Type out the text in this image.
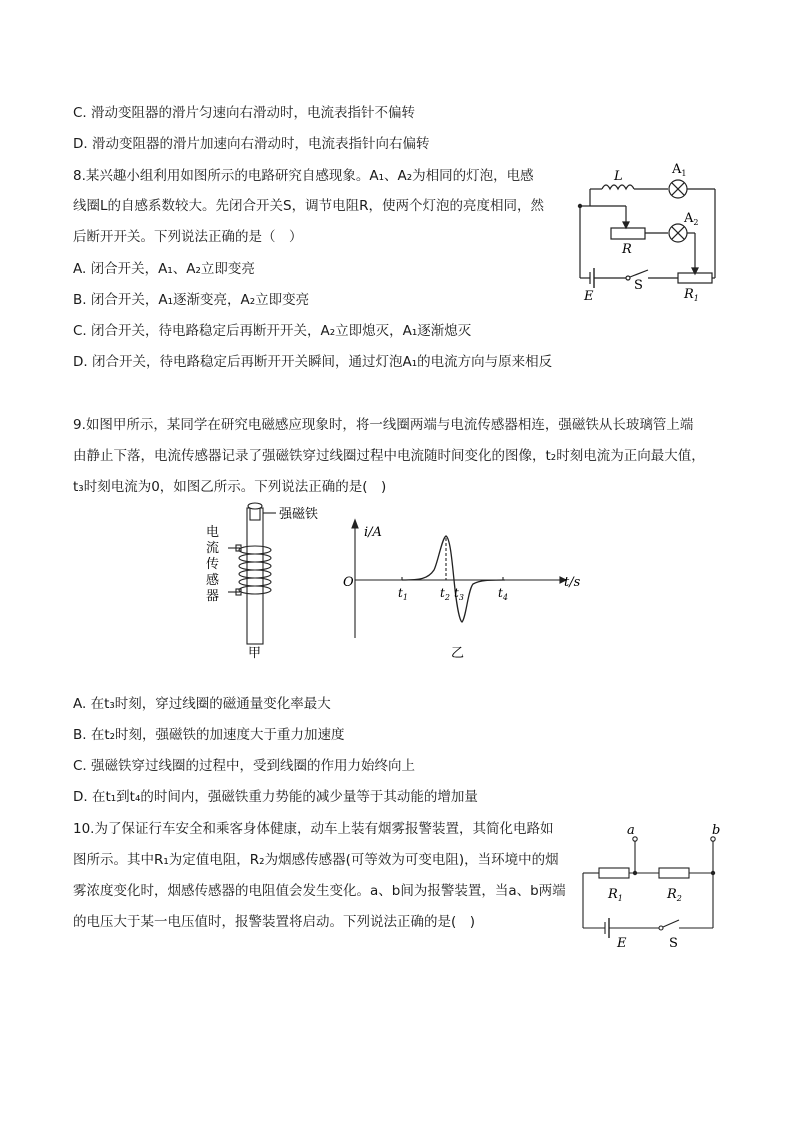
C. 滑动变阻器的滑片匀速向右滑动时，电流表指针不偏转
D. 滑动变阻器的滑片加速向右滑动时，电流表指针向右偏转
8.某兴趣小组利用如图所示的电路研究自感现象。A₁、A₂为相同的灯泡，电感
线圈L的自感系数较大。先闭合开关S，调节电阻R，使两个灯泡的亮度相同，然
后断开开关。下列说法正确的是（　）
A. 闭合开关，A₁、A₂立即变亮
B. 闭合开关，A₁逐渐变亮，A₂立即变亮
C. 闭合开关，待电路稳定后再断开开关，A₂立即熄灭，A₁逐渐熄灭
D. 闭合开关，待电路稳定后再断开开关瞬间，通过灯泡A₁的电流方向与原来相反
L	$A_1$
$A_2$
R
E
S
$R_1$
9.如图甲所示，某同学在研究电磁感应现象时，将一线圈两端与电流传感器相连，强磁铁从长玻璃管上端
由静止下落，电流传感器记录了强磁铁穿过线圈过程中电流随时间变化的图像，t₂时刻电流为正向最大值，
t₃时刻电流为0，如图乙所示。下列说法正确的是(　)
强磁铁
电
流
传
感
器
甲
i/A
t/s
O
$t_1$	$t_2$ $t_3$	$t_4$
乙
A. 在t₃时刻，穿过线圈的磁通量变化率最大
B. 在t₂时刻，强磁铁的加速度大于重力加速度
C. 强磁铁穿过线圈的过程中，受到线圈的作用力始终向上
D. 在t₁到t₄的时间内，强磁铁重力势能的减少量等于其动能的增加量
10.为了保证行车安全和乘客身体健康，动车上装有烟雾报警装置，其简化电路如
图所示。其中R₁为定值电阻，R₂为烟感传感器(可等效为可变电阻)，当环境中的烟
雾浓度变化时，烟感传感器的电阻值会发生变化。a、b间为报警装置，当a、b两端
的电压大于某一电压值时，报警装置将启动。下列说法正确的是(　)
a	b
$R_1$	$R_2$
E	S
